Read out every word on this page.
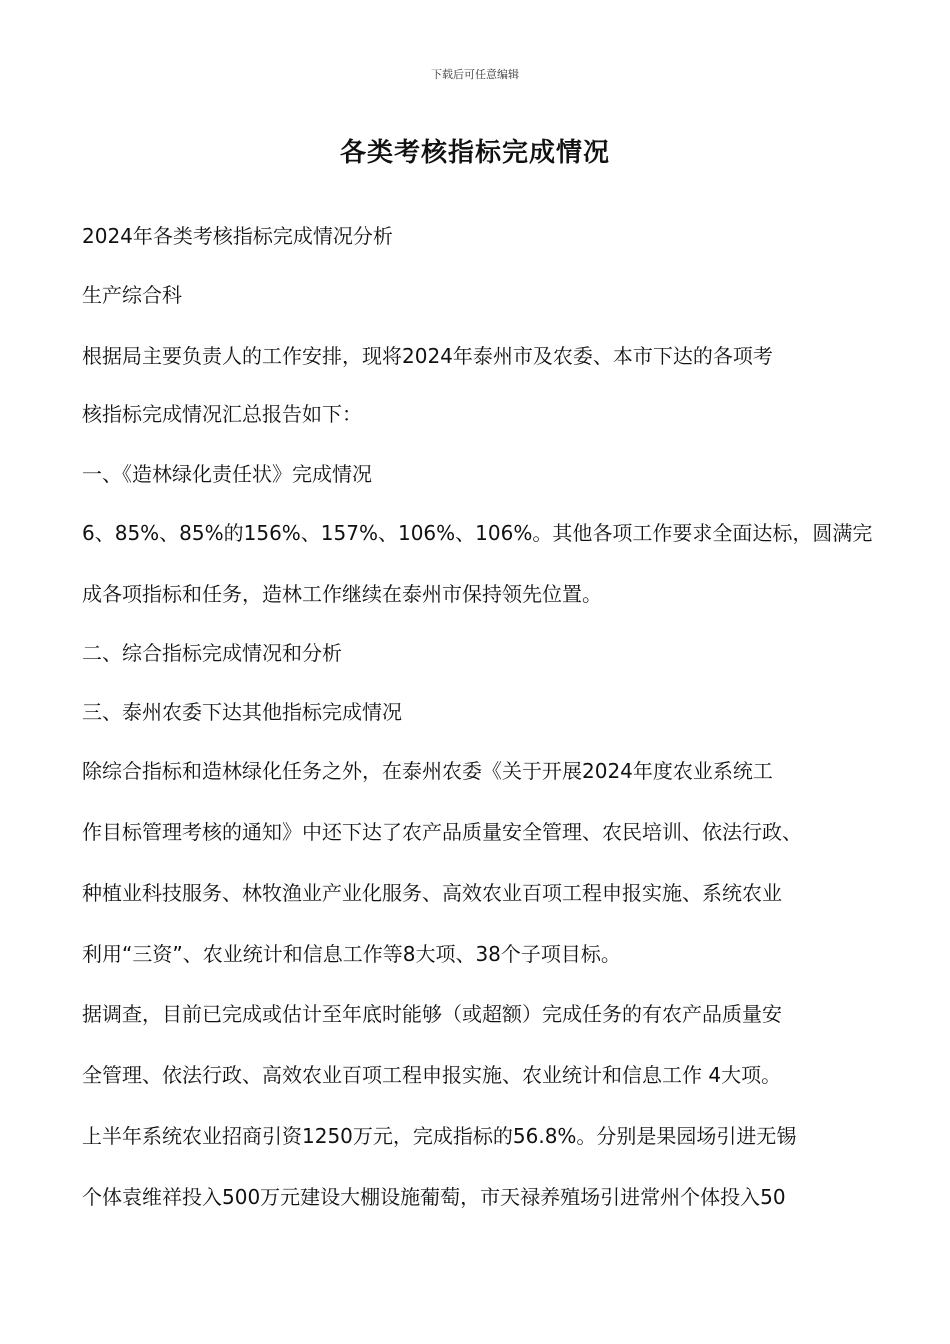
下载后可任意编辑
各类考核指标完成情况

2024年各类考核指标完成情况分析

生产综合科

根据局主要负责人的工作安排，现将2024年泰州市及农委、本市下达的各项考

核指标完成情况汇总报告如下：

一、《造林绿化责任状》完成情况

6、85%、85%的156%、157%、106%、106%。其他各项工作要求全面达标，圆满完

成各项指标和任务，造林工作继续在泰州市保持领先位置。

二、综合指标完成情况和分析

三、泰州农委下达其他指标完成情况

除综合指标和造林绿化任务之外，在泰州农委《关于开展2024年度农业系统工

作目标管理考核的通知》中还下达了农产品质量安全管理、农民培训、依法行政、

种植业科技服务、林牧渔业产业化服务、高效农业百项工程申报实施、系统农业

利用“三资”、农业统计和信息工作等8大项、38个子项目标。

据调查，目前已完成或估计至年底时能够（或超额）完成任务的有农产品质量安

全管理、依法行政、高效农业百项工程申报实施、农业统计和信息工作 4大项。

上半年系统农业招商引资1250万元，完成指标的56.8%。分别是果园场引进无锡

个体袁维祥投入500万元建设大棚设施葡萄，市天禄养殖场引进常州个体投入50
